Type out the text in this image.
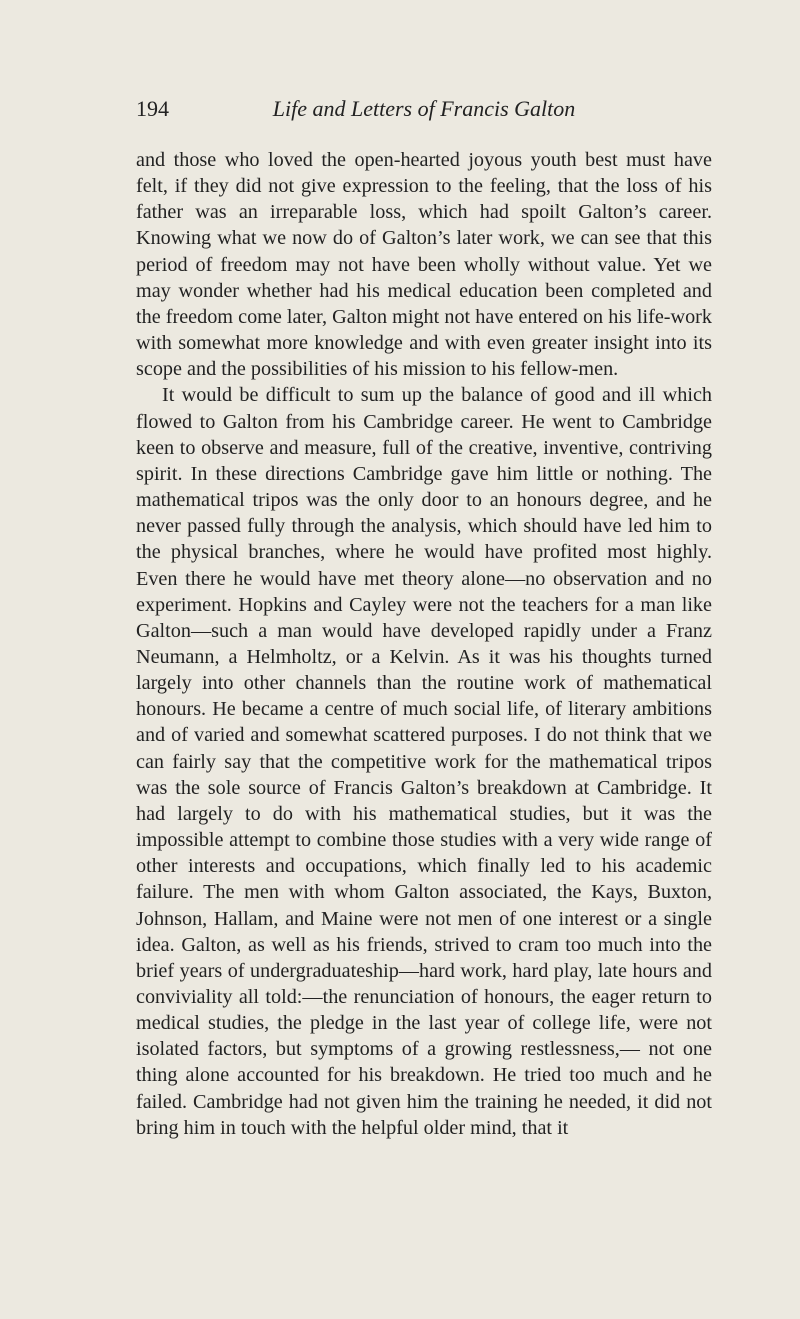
194	Life and Letters of Francis Galton

and those who loved the open-hearted joyous youth best must have felt, if they did not give expression to the feeling, that the loss of his father was an irreparable loss, which had spoilt Galton’s career. Knowing what we now do of Galton’s later work, we can see that this period of freedom may not have been wholly without value. Yet we may wonder whether had his medical education been completed and the freedom come later, Galton might not have entered on his life-work with somewhat more knowledge and with even greater insight into its scope and the possibilities of his mission to his fellow-men.

It would be difficult to sum up the balance of good and ill which flowed to Galton from his Cambridge career. He went to Cambridge keen to observe and measure, full of the creative, inventive, contriving spirit. In these directions Cambridge gave him little or nothing. The mathematical tripos was the only door to an honours degree, and he never passed fully through the analysis, which should have led him to the physical branches, where he would have profited most highly. Even there he would have met theory alone—no observation and no experiment. Hopkins and Cayley were not the teachers for a man like Galton—such a man would have developed rapidly under a Franz Neumann, a Helmholtz, or a Kelvin. As it was his thoughts turned largely into other channels than the routine work of mathematical honours. He became a centre of much social life, of literary ambitions and of varied and somewhat scattered purposes. I do not think that we can fairly say that the competitive work for the mathematical tripos was the sole source of Francis Galton’s breakdown at Cambridge. It had largely to do with his mathematical studies, but it was the impossible attempt to combine those studies with a very wide range of other interests and occupations, which finally led to his academic failure. The men with whom Galton associated, the Kays, Buxton, Johnson, Hallam, and Maine were not men of one interest or a single idea. Galton, as well as his friends, strived to cram too much into the brief years of undergraduateship—hard work, hard play, late hours and conviviality all told:—the renunciation of honours, the eager return to medical studies, the pledge in the last year of college life, were not isolated factors, but symptoms of a growing restlessness,— not one thing alone accounted for his breakdown. He tried too much and he failed. Cambridge had not given him the training he needed, it did not bring him in touch with the helpful older mind, that it
